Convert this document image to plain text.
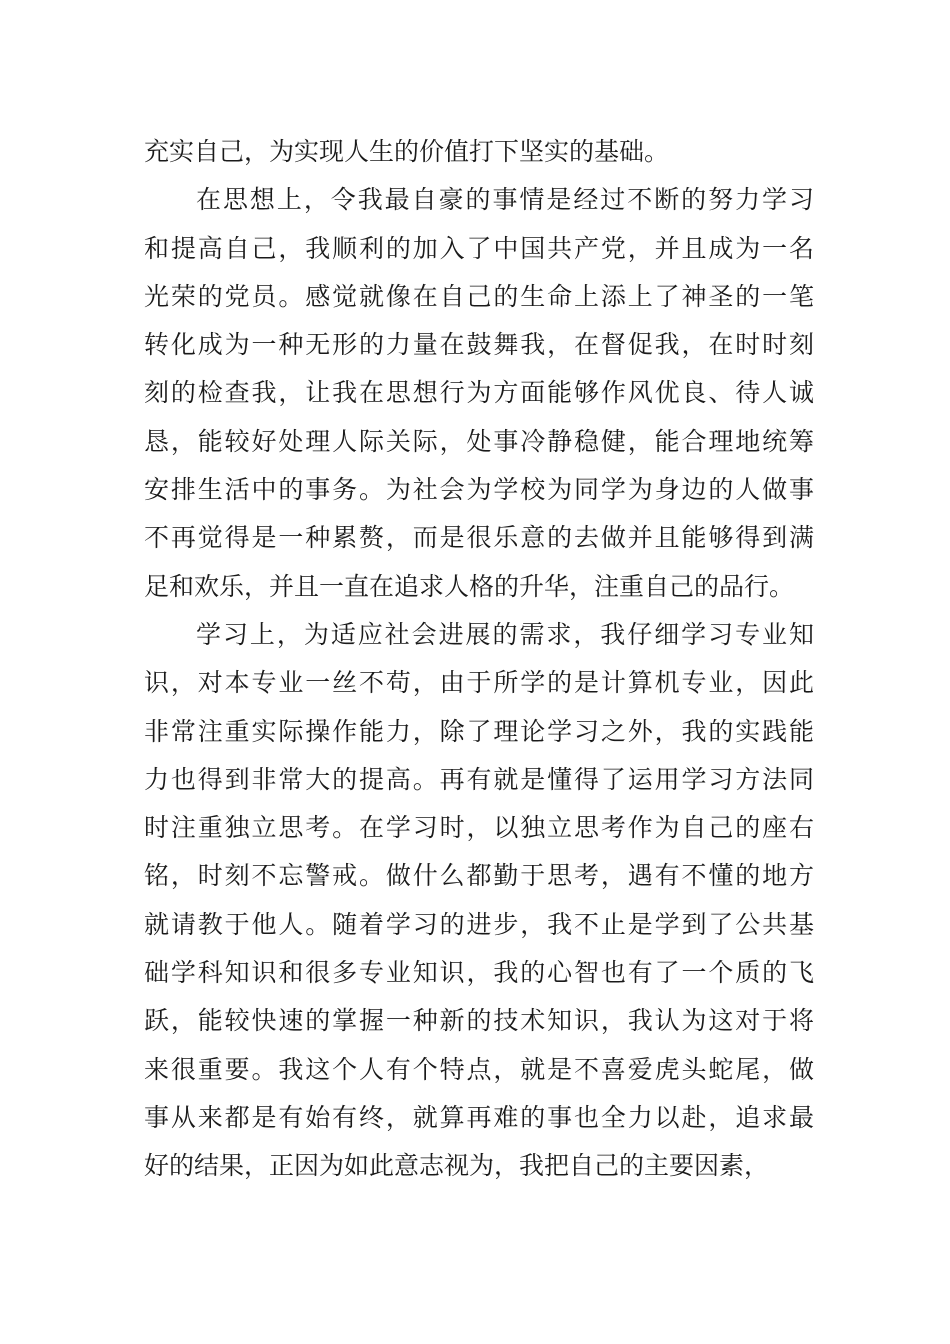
充实自己，为实现人生的价值打下坚实的基础。
在思想上，令我最自豪的事情是经过不断的努力学习
和提高自己，我顺利的加入了中国共产党，并且成为一名
光荣的党员。感觉就像在自己的生命上添上了神圣的一笔
转化成为一种无形的力量在鼓舞我，在督促我，在时时刻
刻的检查我，让我在思想行为方面能够作风优良、待人诚
恳，能较好处理人际关际，处事冷静稳健，能合理地统筹
安排生活中的事务。为社会为学校为同学为身边的人做事
不再觉得是一种累赘，而是很乐意的去做并且能够得到满
足和欢乐，并且一直在追求人格的升华，注重自己的品行。
学习上，为适应社会进展的需求，我仔细学习专业知
识，对本专业一丝不苟，由于所学的是计算机专业，因此
非常注重实际操作能力，除了理论学习之外，我的实践能
力也得到非常大的提高。再有就是懂得了运用学习方法同
时注重独立思考。在学习时，以独立思考作为自己的座右
铭，时刻不忘警戒。做什么都勤于思考，遇有不懂的地方
就请教于他人。随着学习的进步，我不止是学到了公共基
础学科知识和很多专业知识，我的心智也有了一个质的飞
跃，能较快速的掌握一种新的技术知识，我认为这对于将
来很重要。我这个人有个特点，就是不喜爱虎头蛇尾，做
事从来都是有始有终，就算再难的事也全力以赴，追求最
好的结果，正因为如此意志视为，我把自己的主要因素，
